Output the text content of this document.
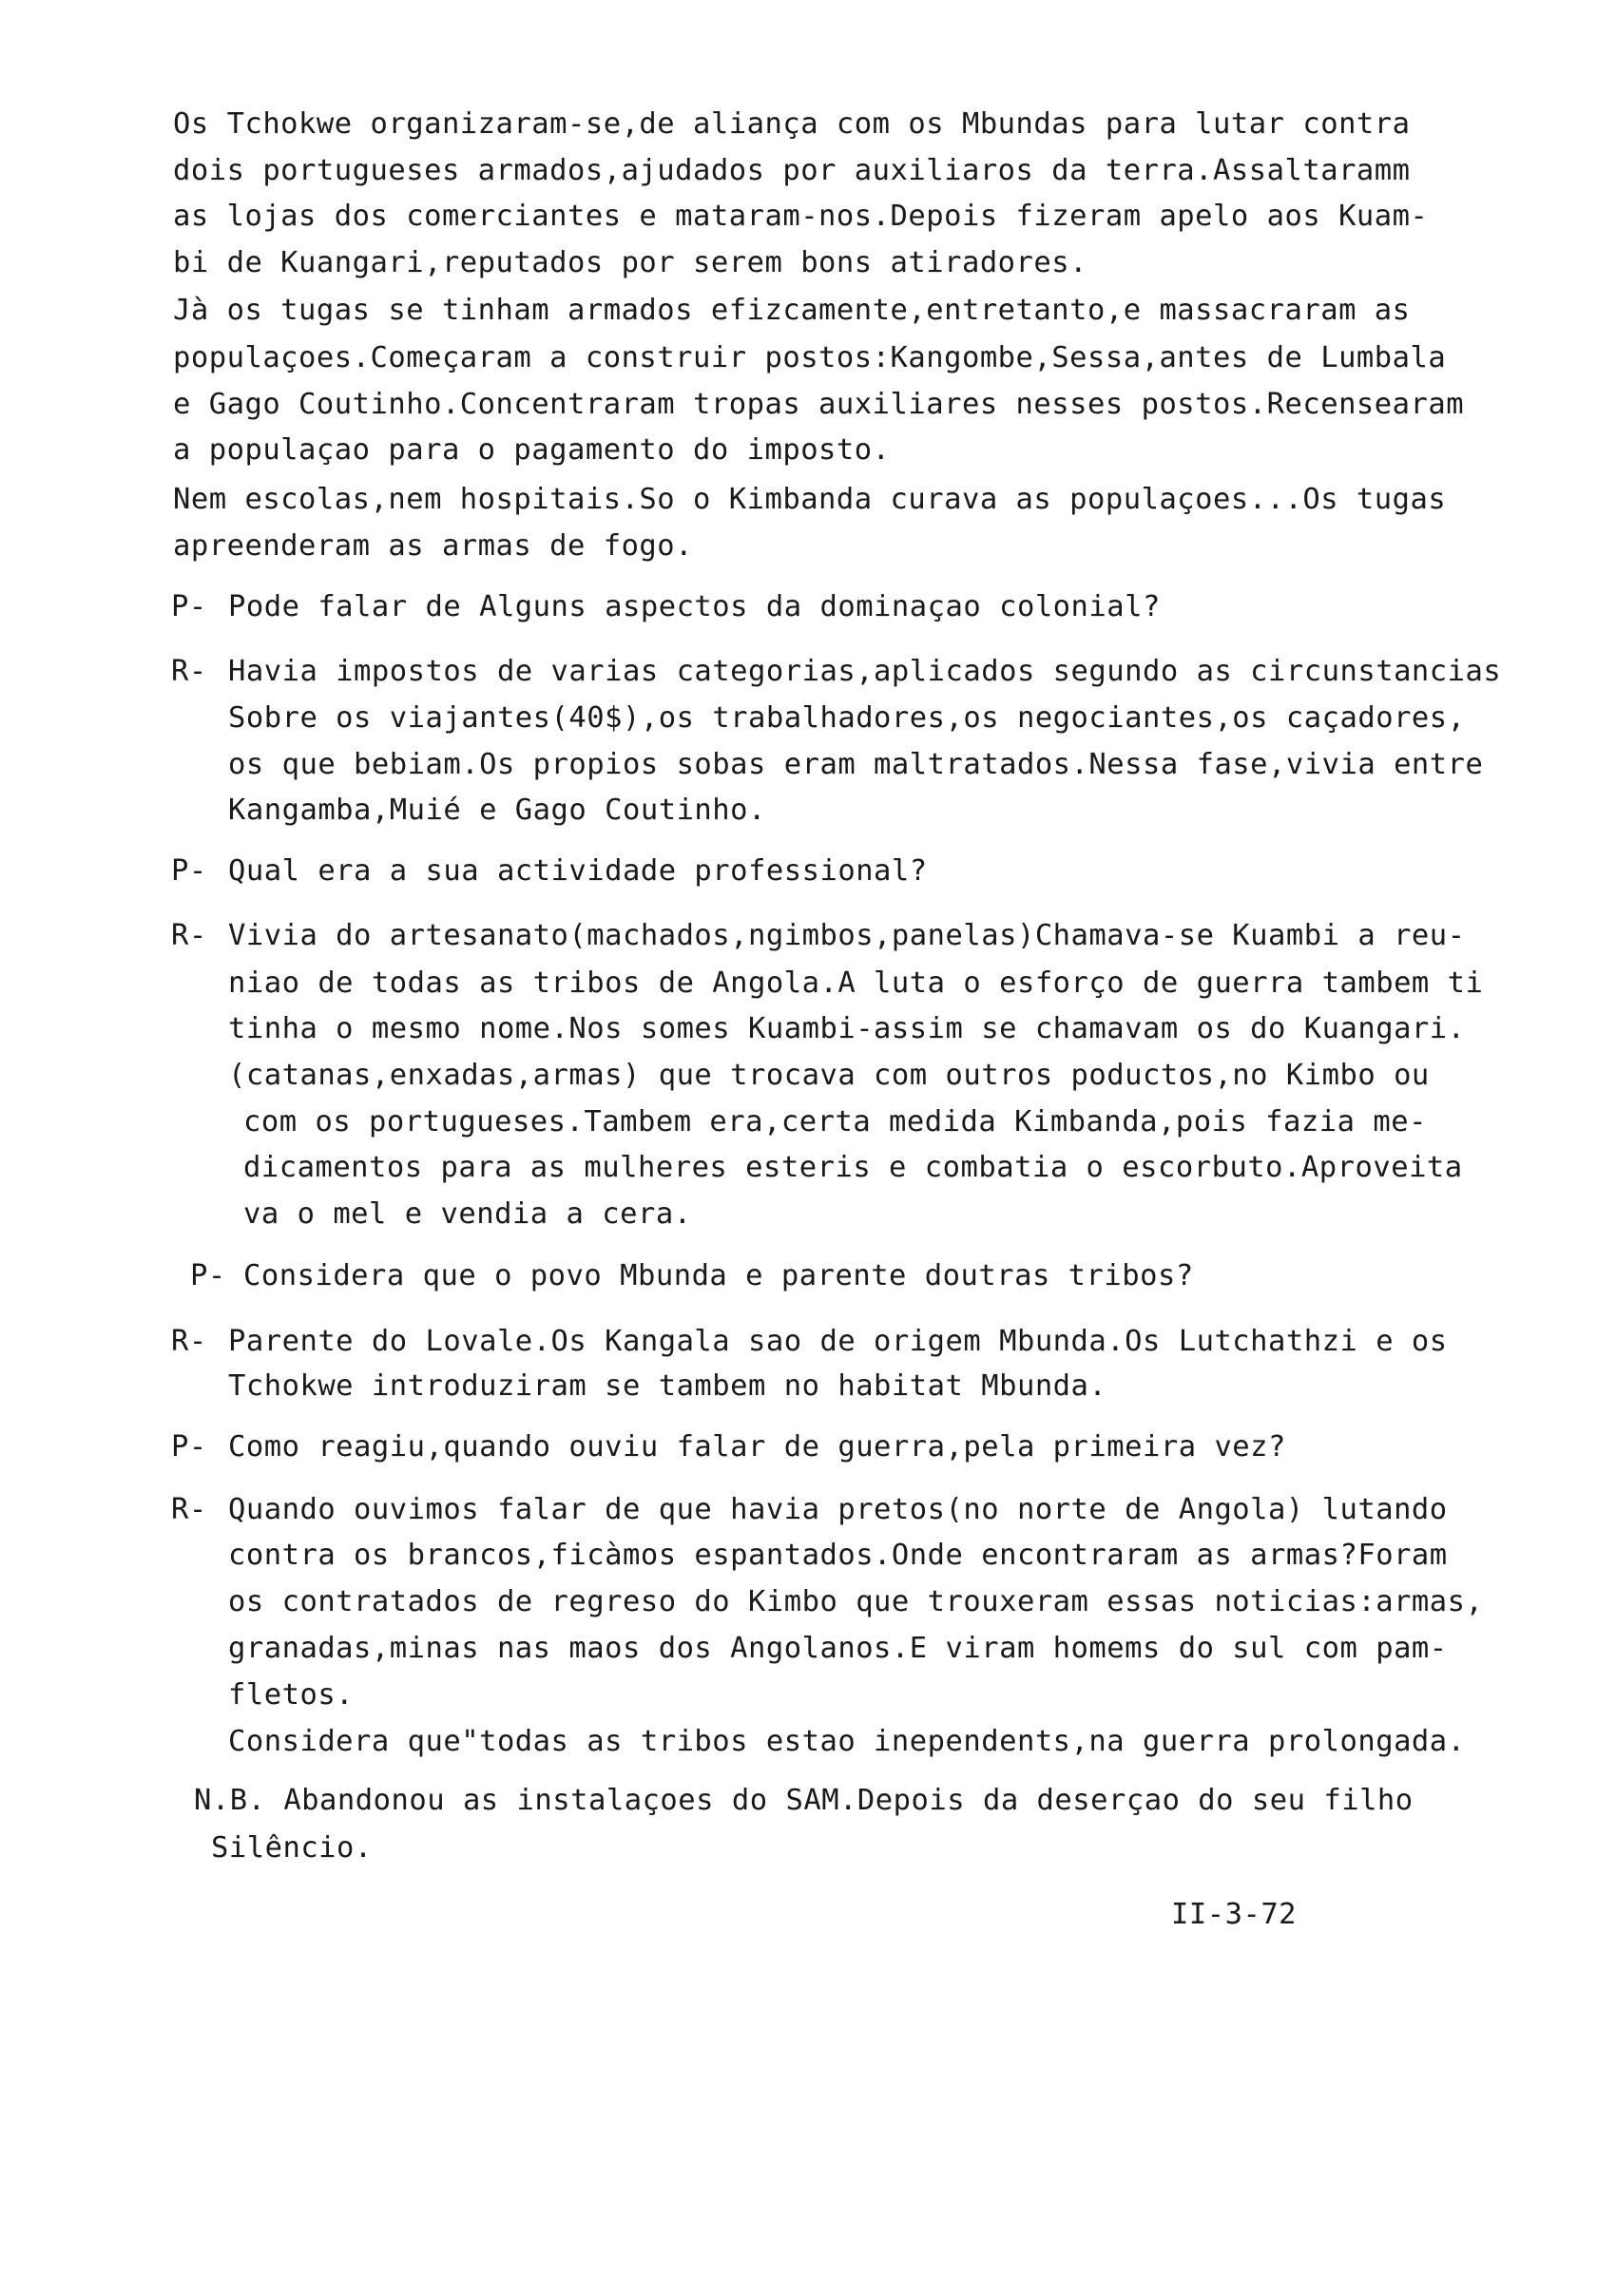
Os Tchokwe organizaram-se,de aliança com os Mbundas para lutar contra
dois portugueses armados,ajudados por auxiliaros da terra.Assaltaramm
as lojas dos comerciantes e mataram-nos.Depois fizeram apelo aos Kuam-
bi de Kuangari,reputados por serem bons atiradores.
Jà os tugas se tinham armados efizcamente,entretanto,e massacraram as
populaçoes.Começaram a construir postos:Kangombe,Sessa,antes de Lumbala
e Gago Coutinho.Concentraram tropas auxiliares nesses postos.Recensearam
a populaçao para o pagamento do imposto.
Nem escolas,nem hospitais.So o Kimbanda curava as populaçoes...Os tugas
apreenderam as armas de fogo.
P- Pode falar de Alguns aspectos da dominaçao colonial?
R- Havia impostos de varias categorias,aplicados segundo as circunstancias
Sobre os viajantes(40$),os trabalhadores,os negociantes,os caçadores,
os que bebiam.Os propios sobas eram maltratados.Nessa fase,vivia entre
Kangamba,Muié e Gago Coutinho.
P- Qual era a sua actividade professional?
R- Vivia do artesanato(machados,ngimbos,panelas)Chamava-se Kuambi a reu-
niao de todas as tribos de Angola.A luta o esforço de guerra tambem ti
tinha o mesmo nome.Nos somes Kuambi-assim se chamavam os do Kuangari.
(catanas,enxadas,armas) que trocava com outros poductos,no Kimbo ou
com os portugueses.Tambem era,certa medida Kimbanda,pois fazia me-
dicamentos para as mulheres esteris e combatia o escorbuto.Aproveita
va o mel e vendia a cera.
P- Considera que o povo Mbunda e parente doutras tribos?
R- Parente do Lovale.Os Kangala sao de origem Mbunda.Os Lutchathzi e os
Tchokwe introduziram se tambem no habitat Mbunda.
P- Como reagiu,quando ouviu falar de guerra,pela primeira vez?
R- Quando ouvimos falar de que havia pretos(no norte de Angola) lutando
contra os brancos,ficàmos espantados.Onde encontraram as armas?Foram
os contratados de regreso do Kimbo que trouxeram essas noticias:armas,
granadas,minas nas maos dos Angolanos.E viram homems do sul com pam-
fletos.
Considera que"todas as tribos estao inependents,na guerra prolongada.
N.B. Abandonou as instalaçoes do SAM.Depois da deserçao do seu filho
Silêncio.
II-3-72
